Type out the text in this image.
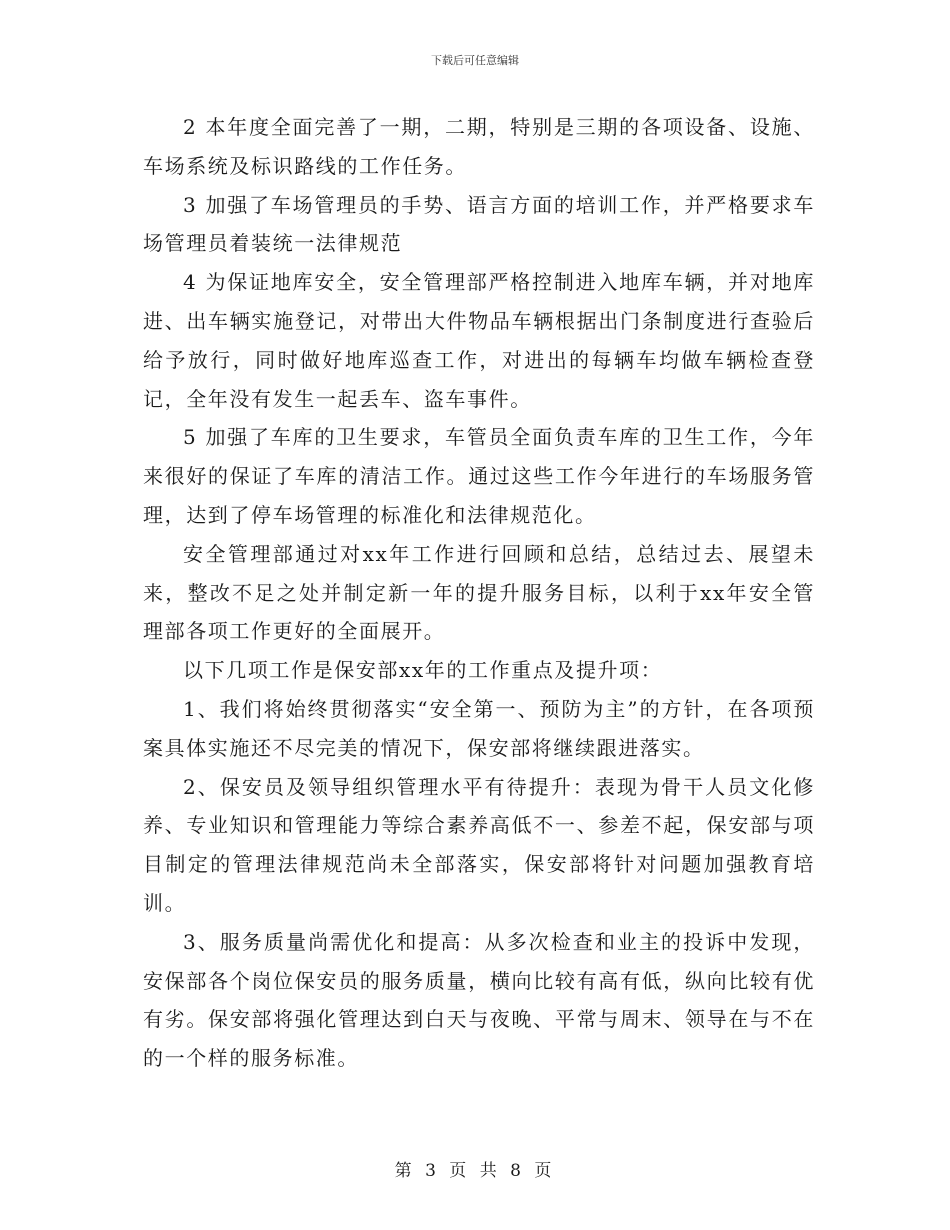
下载后可任意编辑

2 本年度全面完善了一期，二期，特别是三期的各项设备、设施、车场系统及标识路线的工作任务。

3 加强了车场管理员的手势、语言方面的培训工作，并严格要求车场管理员着装统一法律规范

4 为保证地库安全，安全管理部严格控制进入地库车辆，并对地库进、出车辆实施登记，对带出大件物品车辆根据出门条制度进行查验后给予放行，同时做好地库巡查工作，对进出的每辆车均做车辆检查登记，全年没有发生一起丢车、盗车事件。

5 加强了车库的卫生要求，车管员全面负责车库的卫生工作，今年来很好的保证了车库的清洁工作。通过这些工作今年进行的车场服务管理，达到了停车场管理的标准化和法律规范化。

安全管理部通过对xx年工作进行回顾和总结，总结过去、展望未来，整改不足之处并制定新一年的提升服务目标，以利于xx年安全管理部各项工作更好的全面展开。

以下几项工作是保安部xx年的工作重点及提升项：

1、我们将始终贯彻落实“安全第一、预防为主”的方针，在各项预案具体实施还不尽完美的情况下，保安部将继续跟进落实。

2、保安员及领导组织管理水平有待提升：表现为骨干人员文化修养、专业知识和管理能力等综合素养高低不一、参差不起，保安部与项目制定的管理法律规范尚未全部落实，保安部将针对问题加强教育培训。

3、服务质量尚需优化和提高：从多次检查和业主的投诉中发现，安保部各个岗位保安员的服务质量，横向比较有高有低，纵向比较有优有劣。保安部将强化管理达到白天与夜晚、平常与周末、领导在与不在的一个样的服务标准。

第 3 页 共 8 页
